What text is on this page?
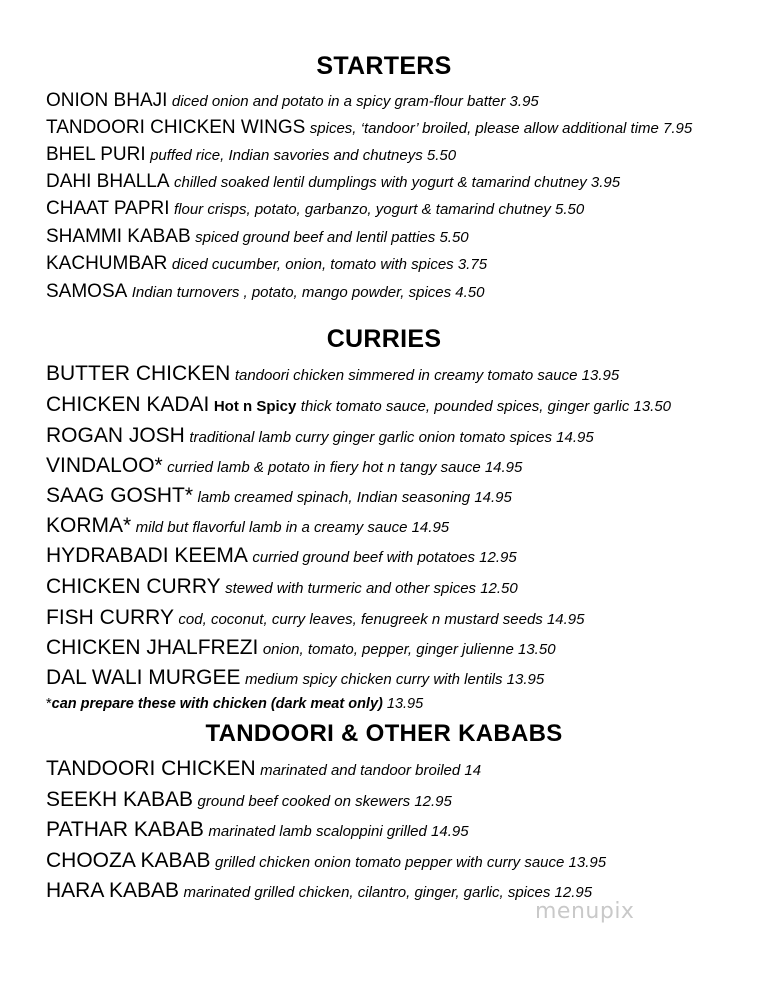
STARTERS
ONION BHAJI diced onion and potato in a spicy gram-flour batter 3.95
TANDOORI CHICKEN WINGS spices, ‘tandoor’ broiled, please allow additional time 7.95
BHEL PURI puffed rice, Indian savories and chutneys 5.50
DAHI BHALLA chilled soaked lentil dumplings with yogurt & tamarind chutney 3.95
CHAAT PAPRI flour crisps, potato, garbanzo, yogurt & tamarind chutney 5.50
SHAMMI KABAB spiced ground beef and lentil patties 5.50
KACHUMBAR diced cucumber, onion, tomato with spices 3.75
SAMOSA Indian turnovers , potato, mango powder, spices 4.50
CURRIES
BUTTER CHICKEN tandoori chicken simmered in creamy tomato sauce 13.95
CHICKEN KADAI Hot n Spicy thick tomato sauce, pounded spices, ginger garlic 13.50
ROGAN JOSH traditional lamb curry ginger garlic onion tomato spices 14.95
VINDALOO* curried lamb & potato in fiery hot n tangy sauce 14.95
SAAG GOSHT* lamb creamed spinach, Indian seasoning 14.95
KORMA* mild but flavorful lamb in a creamy sauce 14.95
HYDRABADI KEEMA curried ground beef with potatoes 12.95
CHICKEN CURRY stewed with turmeric and other spices 12.50
FISH CURRY cod, coconut, curry leaves, fenugreek n mustard seeds 14.95
CHICKEN JHALFREZI onion, tomato, pepper, ginger julienne 13.50
DAL WALI MURGEE medium spicy chicken curry with lentils 13.95
*can prepare these with chicken (dark meat only) 13.95
TANDOORI & OTHER KABABS
TANDOORI CHICKEN marinated and tandoor broiled 14
SEEKH KABAB ground beef cooked on skewers 12.95
PATHAR KABAB marinated lamb scaloppini grilled 14.95
CHOOZA KABAB grilled chicken onion tomato pepper with curry sauce 13.95
HARA KABAB marinated grilled chicken, cilantro, ginger, garlic, spices 12.95
menupix
